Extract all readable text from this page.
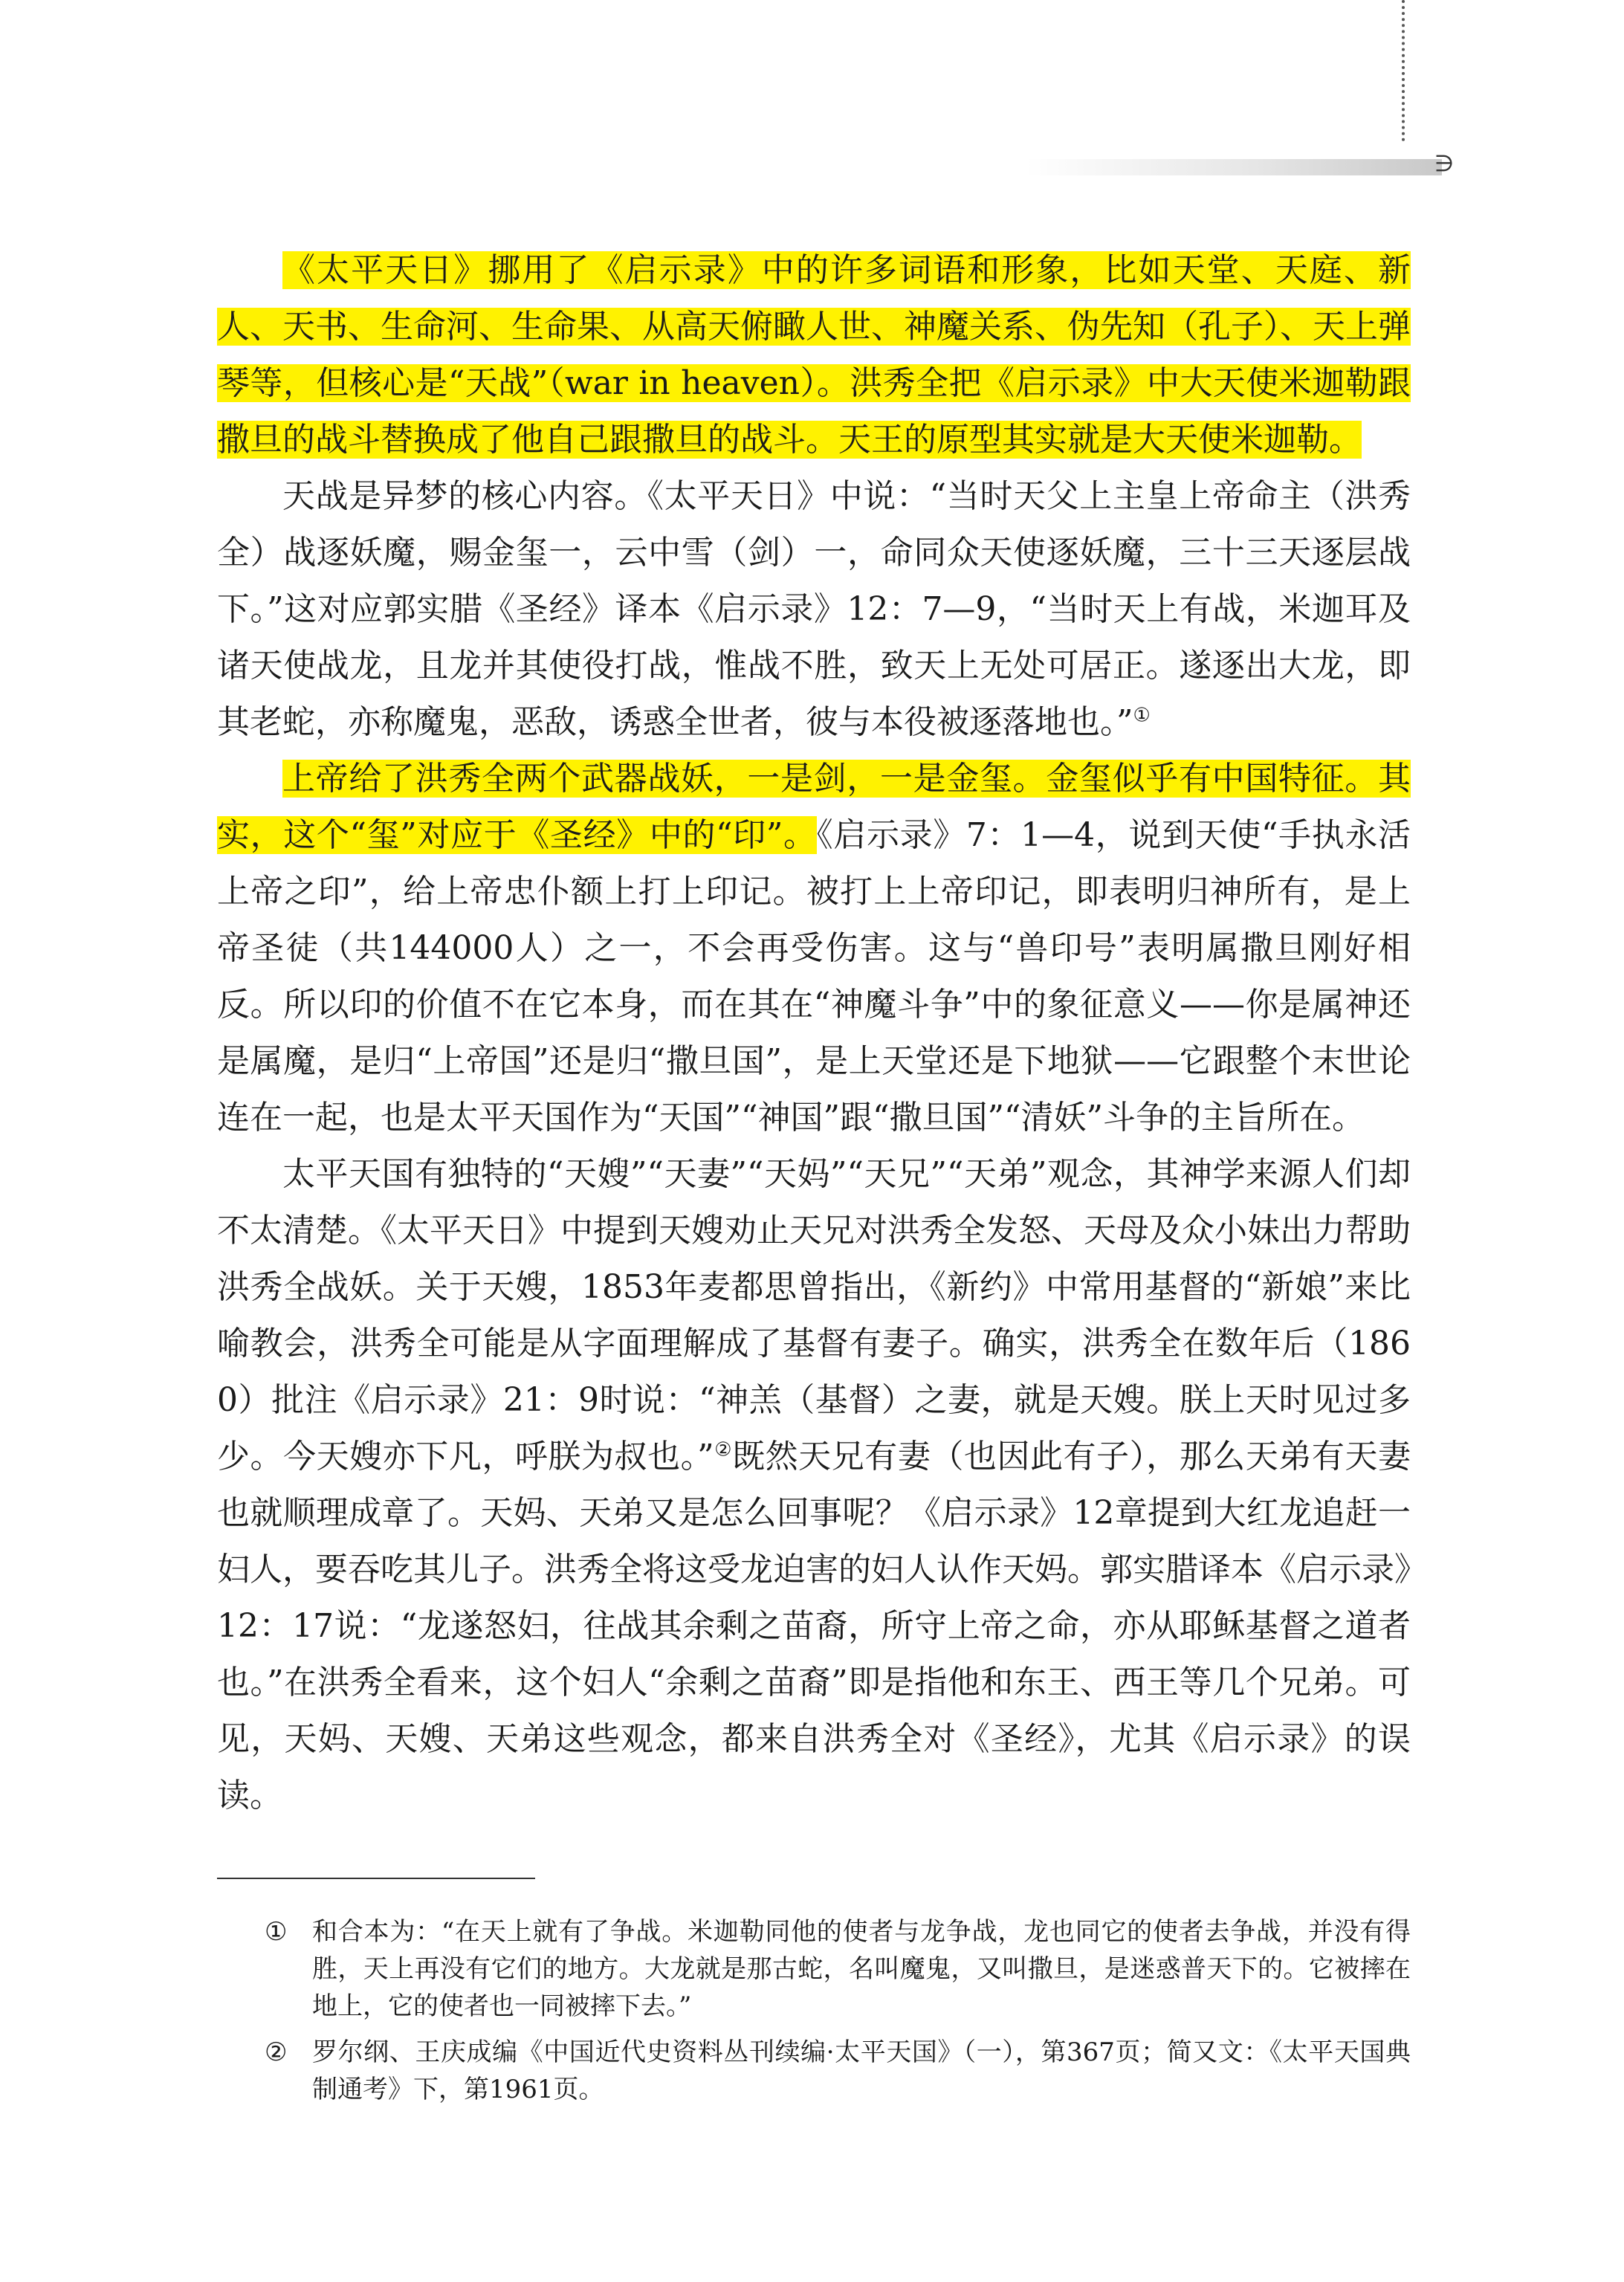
∋

《太平天日》挪用了《启示录》中的许多词语和形象，比如天堂、天庭、新人、天书、生命河、生命果、从高天俯瞰人世、神魔关系、伪先知（孔子）、天上弹琴等，但核心是“天战”（war in heaven）。洪秀全把《启示录》中大天使米迦勒跟撒旦的战斗替换成了他自己跟撒旦的战斗。天王的原型其实就是大天使米迦勒。

天战是异梦的核心内容。《太平天日》中说：“当时天父上主皇上帝命主（洪秀全）战逐妖魔，赐金玺一，云中雪（剑）一，命同众天使逐妖魔，三十三天逐层战下。”这对应郭实腊《圣经》译本《启示录》12：7—9，“当时天上有战，米迦耳及诸天使战龙，且龙并其使役打战，惟战不胜，致天上无处可居正。遂逐出大龙，即其老蛇，亦称魔鬼，恶敌，诱惑全世者，彼与本役被逐落地也。”①

上帝给了洪秀全两个武器战妖，一是剑，一是金玺。金玺似乎有中国特征。其实，这个“玺”对应于《圣经》中的“印”。《启示录》7：1—4，说到天使“手执永活上帝之印”，给上帝忠仆额上打上印记。被打上上帝印记，即表明归神所有，是上帝圣徒（共144000人）之一，不会再受伤害。这与“兽印号”表明属撒旦刚好相反。所以印的价值不在它本身，而在其在“神魔斗争”中的象征意义——你是属神还是属魔，是归“上帝国”还是归“撒旦国”，是上天堂还是下地狱——它跟整个末世论连在一起，也是太平天国作为“天国”“神国”跟“撒旦国”“清妖”斗争的主旨所在。

太平天国有独特的“天嫂”“天妻”“天妈”“天兄”“天弟”观念，其神学来源人们却不太清楚。《太平天日》中提到天嫂劝止天兄对洪秀全发怒、天母及众小妹出力帮助洪秀全战妖。关于天嫂，1853年麦都思曾指出，《新约》中常用基督的“新娘”来比喻教会，洪秀全可能是从字面理解成了基督有妻子。确实，洪秀全在数年后（1860）批注《启示录》21：9时说：“神羔（基督）之妻，就是天嫂。朕上天时见过多少。今天嫂亦下凡，呼朕为叔也。”②既然天兄有妻（也因此有子），那么天弟有天妻也就顺理成章了。天妈、天弟又是怎么回事呢？《启示录》12章提到大红龙追赶一妇人，要吞吃其儿子。洪秀全将这受龙迫害的妇人认作天妈。郭实腊译本《启示录》12：17说：“龙遂怒妇，往战其余剩之苗裔，所守上帝之命，亦从耶稣基督之道者也。”在洪秀全看来，这个妇人“余剩之苗裔”即是指他和东王、西王等几个兄弟。可见，天妈、天嫂、天弟这些观念，都来自洪秀全对《圣经》，尤其《启示录》的误读。

① 和合本为：“在天上就有了争战。米迦勒同他的使者与龙争战，龙也同它的使者去争战，并没有得胜，天上再没有它们的地方。大龙就是那古蛇，名叫魔鬼，又叫撒旦，是迷惑普天下的。它被摔在地上，它的使者也一同被摔下去。”

② 罗尔纲、王庆成编《中国近代史资料丛刊续编·太平天国》（一），第367页；简又文：《太平天国典制通考》下，第1961页。
